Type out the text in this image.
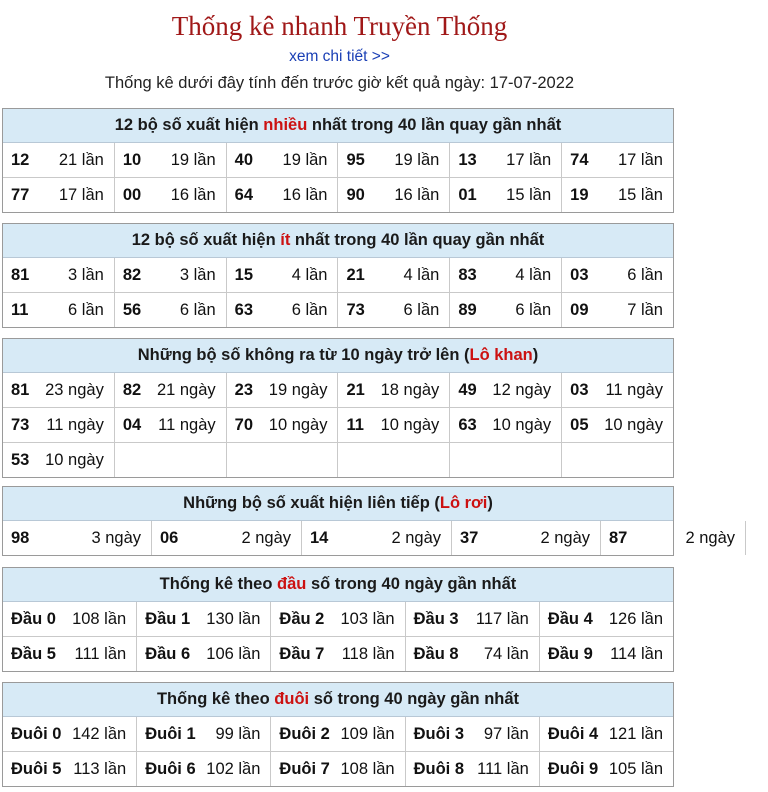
Thống kê nhanh Truyền Thống
xem chi tiết >>
Thống kê dưới đây tính đến trước giờ kết quả ngày: 17-07-2022
12 bộ số xuất hiện nhiều nhất trong 40 lần quay gần nhất
12 21 lần 10 19 lần 40 19 lần 95 19 lần 13 17 lần 74 17 lần
77 17 lần 00 16 lần 64 16 lần 90 16 lần 01 15 lần 19 15 lần
12 bộ số xuất hiện ít nhất trong 40 lần quay gần nhất
81 3 lần 82 3 lần 15 4 lần 21 4 lần 83 4 lần 03 6 lần
11 6 lần 56 6 lần 63 6 lần 73 6 lần 89 6 lần 09 7 lần
Những bộ số không ra từ 10 ngày trở lên (Lô khan)
81 23 ngày 82 21 ngày 23 19 ngày 21 18 ngày 49 12 ngày 03 11 ngày
73 11 ngày 04 11 ngày 70 10 ngày 11 10 ngày 63 10 ngày 05 10 ngày
53 10 ngày
Những bộ số xuất hiện liên tiếp (Lô rơi)
98	3 ngày 06	2 ngày 14	2 ngày 37	2 ngày 87	2 ngày
Thống kê theo đầu số trong 40 ngày gần nhất
Đầu 0 108 lần Đầu 1 130 lần Đầu 2 103 lần Đầu 3 117 lần Đầu 4 126 lần
Đầu 5 111 lần Đầu 6 106 lần Đầu 7 118 lần Đầu 8 74 lần Đầu 9 114 lần
Thống kê theo đuôi số trong 40 ngày gần nhất
Đuôi 0 142 lần Đuôi 1 99 lần Đuôi 2 109 lần Đuôi 3 97 lần Đuôi 4 121 lần
Đuôi 5 113 lần Đuôi 6 102 lần Đuôi 7 108 lần Đuôi 8 111 lần Đuôi 9 105 lần
